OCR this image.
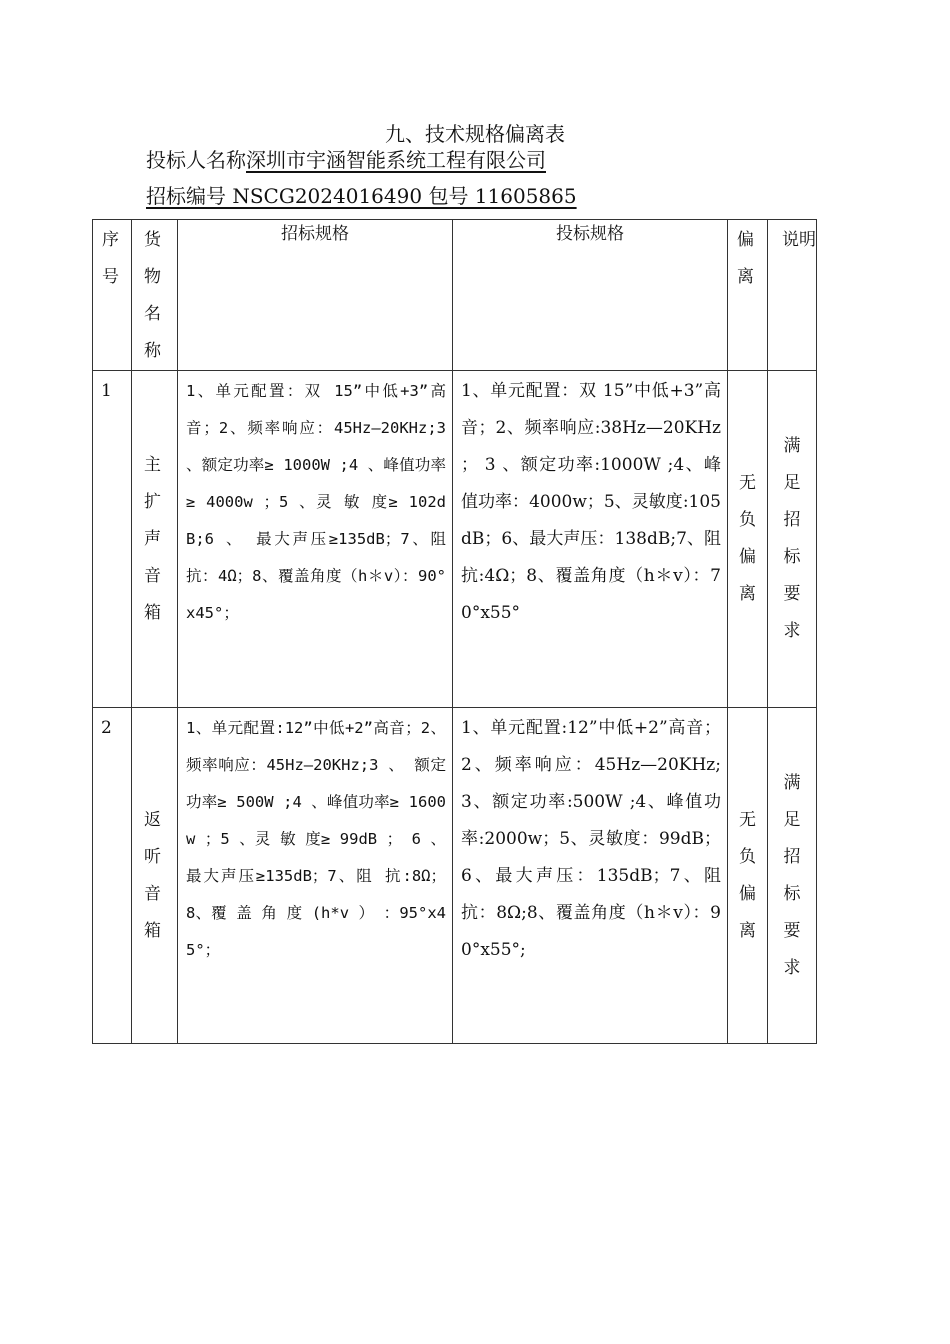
九、技术规格偏离表
投标人名称深圳市宇涵智能系统工程有限公司
招标编号 NSCG2024016490 包号 11605865
序号	货物名称	招标规格	投标规格	偏离	说明
1	主扩声音箱	1、单元配置：双 15”中低+3”高音；2、频率响应：45Hz—20KHz;3 、额定功率≥ 1000W ;4 、峰值功率≥ 4000w ；5 、灵 敏 度≥ 102dB;6 、 最大声压≥135dB；7、阻 抗：4Ω；8、覆盖角度（h＊v）：90°x45°；	1、单元配置：双 15”中低+3”高音；2、频率响应:38Hz—20KHz ； 3 、额定功率:1000W ;4、峰值功率：4000w；5、灵敏度:105dB；6、最大声压：138dB;7、阻抗:4Ω；8、覆盖角度（h＊v）：70°x55°	无负偏离	满足招标要求
2	返听音箱	1、单元配置:12”中低+2”高音；2、频率响应：45Hz—20KHz;3 、 额定功率≥ 500W ;4 、峰值功率≥ 1600w ；5 、灵 敏 度≥ 99dB ； 6 、 最大声压≥135dB；7、阻 抗:8Ω；8、覆 盖 角 度 (h*v ） ：95°x45°；	1、单元配置:12”中低+2”高音；2、频率响应：45Hz—20KHz;3、额定功率:500W ;4、峰值功率:2000w；5、灵敏度：99dB；6、最大声压：135dB；7、阻抗：8Ω;8、覆盖角度（h＊v）：90°x55°;	无负偏离	满足招标要求
